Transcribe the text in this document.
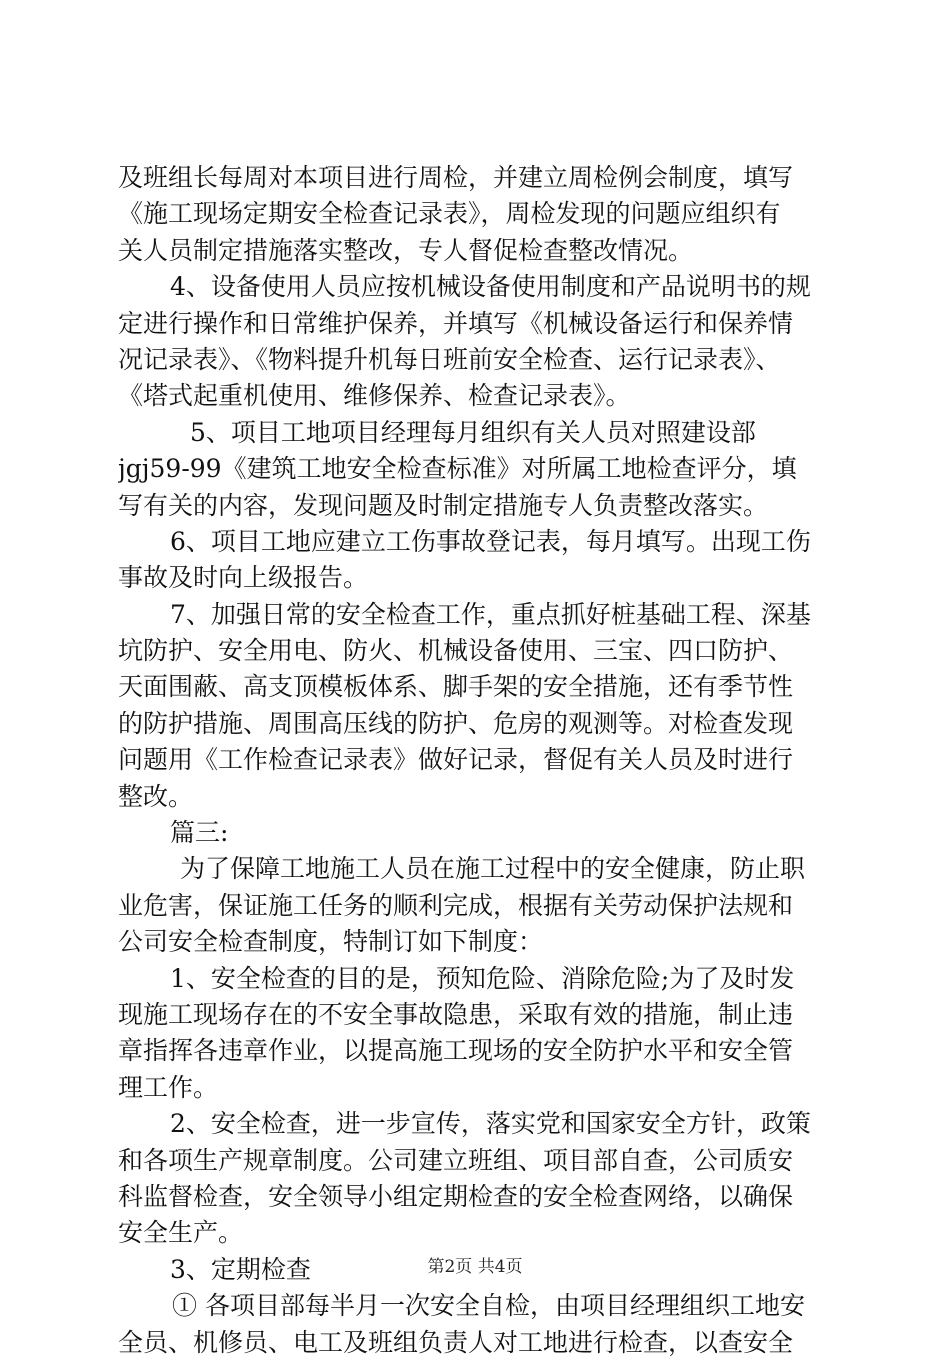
及班组长每周对本项目进行周检，并建立周检例会制度，填写
《施工现场定期安全检查记录表》，周检发现的问题应组织有
关人员制定措施落实整改，专人督促检查整改情况。
4、设备使用人员应按机械设备使用制度和产品说明书的规
定进行操作和日常维护保养，并填写《机械设备运行和保养情
况记录表》、《物料提升机每日班前安全检查、运行记录表》、
《塔式起重机使用、维修保养、检查记录表》。
5、项目工地项目经理每月组织有关人员对照建设部
jgj59-99《建筑工地安全检查标准》对所属工地检查评分，填
写有关的内容，发现问题及时制定措施专人负责整改落实。
6、项目工地应建立工伤事故登记表，每月填写。出现工伤
事故及时向上级报告。
7、加强日常的安全检查工作，重点抓好桩基础工程、深基
坑防护、安全用电、防火、机械设备使用、三宝、四口防护、
天面围蔽、高支顶模板体系、脚手架的安全措施，还有季节性
的防护措施、周围高压线的防护、危房的观测等。对检查发现
问题用《工作检查记录表》做好记录，督促有关人员及时进行
整改。
篇三:
为了保障工地施工人员在施工过程中的安全健康，防止职
业危害，保证施工任务的顺利完成，根据有关劳动保护法规和
公司安全检查制度，特制订如下制度：
1、安全检查的目的是，预知危险、消除危险;为了及时发
现施工现场存在的不安全事故隐患，采取有效的措施，制止违
章指挥各违章作业，以提高施工现场的安全防护水平和安全管
理工作。
2、安全检查，进一步宣传，落实党和国家安全方针，政策
和各项生产规章制度。公司建立班组、项目部自查，公司质安
科监督检查，安全领导小组定期检查的安全检查网络，以确保
安全生产。
3、定期检查
① 各项目部每半月一次安全自检，由项目经理组织工地安
全员、机修员、电工及班组负责人对工地进行检查，以查安全
第2页 共4页
